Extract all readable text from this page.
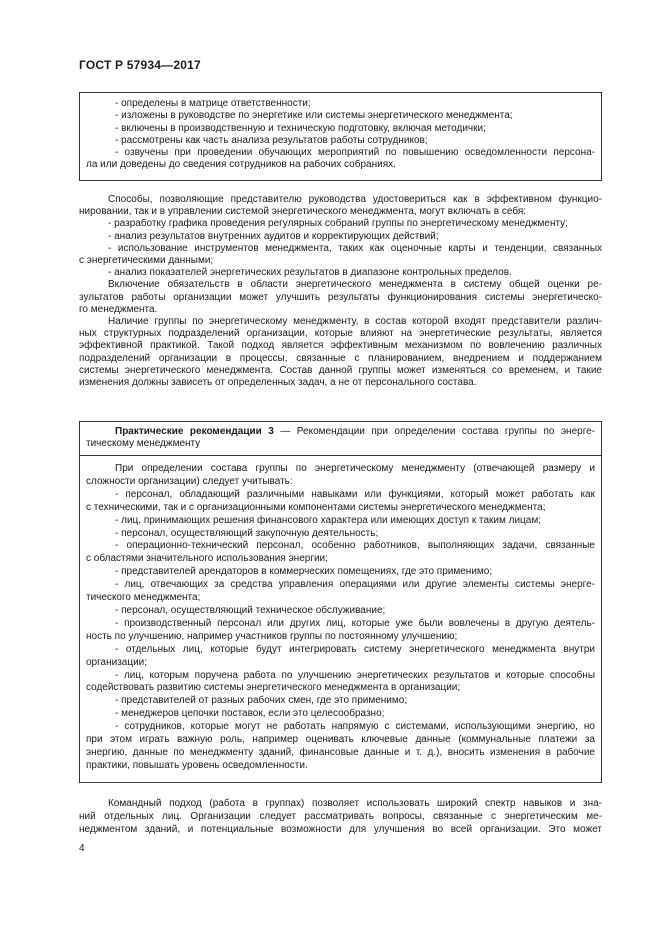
ГОСТ Р 57934—2017
- определены в матрице ответственности;
- изложены в руководстве по энергетике или системы энергетического менеджмента;
- включены в производственную и техническую подготовку, включая методички;
- рассмотрены как часть анализа результатов работы сотрудников;
- озвучены при проведении обучающих мероприятий по повышению осведомленности персона-
ла или доведены до сведения сотрудников на рабочих собраниях.
Способы, позволяющие представителю руководства удостовериться как в эффективном функцио-
нировании, так и в управлении системой энергетического менеджмента, могут включать в себя:
- разработку графика проведения регулярных собраний группы по энергетическому менеджменту;
- анализ результатов внутренних аудитов и корректирующих действий;
- использование инструментов менеджмента, таких как оценочные карты и тенденции, связанных
с энергетическими данными;
- анализ показателей энергетических результатов в диапазоне контрольных пределов.
Включение обязательств в области энергетического менеджмента в систему общей оценки ре-
зультатов работы организации может улучшить результаты функционирования системы энергетическо-
го менеджмента.
Наличие группы по энергетическому менеджменту, в состав которой входят представители различ-
ных структурных подразделений организации, которые влияют на энергетические результаты, является
эффективной практикой. Такой подход является эффективным механизмом по вовлечению различных
подразделений организации в процессы, связанные с планированием, внедрением и поддержанием
системы энергетического менеджмента. Состав данной группы может изменяться со временем, и такие
изменения должны зависеть от определенных задач, а не от персонального состава.
Практические рекомендации 3 — Рекомендации при определении состава группы по энерге-
тическому менеджменту
При определении состава группы по энергетическому менеджменту (отвечающей размеру и
сложности организации) следует учитывать:
- персонал, обладающий различными навыками или функциями, который может работать как
с техническими, так и с организационными компонентами системы энергетического менеджмента;
- лиц, принимающих решения финансового характера или имеющих доступ к таким лицам;
- персонал, осуществляющий закупочную деятельность;
- операционно-технический персонал, особенно работников, выполняющих задачи, связанные
с областями значительного использования энергии;
- представителей арендаторов в коммерческих помещениях, где это применимо;
- лиц, отвечающих за средства управления операциями или другие элементы системы энерге-
тического менеджмента;
- персонал, осуществляющий техническое обслуживание;
- производственный персонал или других лиц, которые уже были вовлечены в другую деятель-
ность по улучшению, например участников группы по постоянному улучшению;
- отдельных лиц, которые будут интегрировать систему энергетического менеджмента внутри
организации;
- лиц, которым поручена работа по улучшению энергетических результатов и которые способны
содействовать развитию системы энергетического менеджмента в организации;
- представителей от разных рабочих смен, где это применимо;
- менеджеров цепочки поставок, если это целесообразно;
- сотрудников, которые могут не работать напрямую с системами, использующими энергию, но
при этом играть важную роль, например оценивать ключевые данные (коммунальные платежи за
энергию, данные по менеджменту зданий, финансовые данные и т. д.), вносить изменения в рабочие
практики, повышать уровень осведомленности.
Командный подход (работа в группах) позволяет использовать широкий спектр навыков и зна-
ний отдельных лиц. Организации следует рассматривать вопросы, связанные с энергетическим ме-
неджментом зданий, и потенциальные возможности для улучшения во всей организации. Это может
4
